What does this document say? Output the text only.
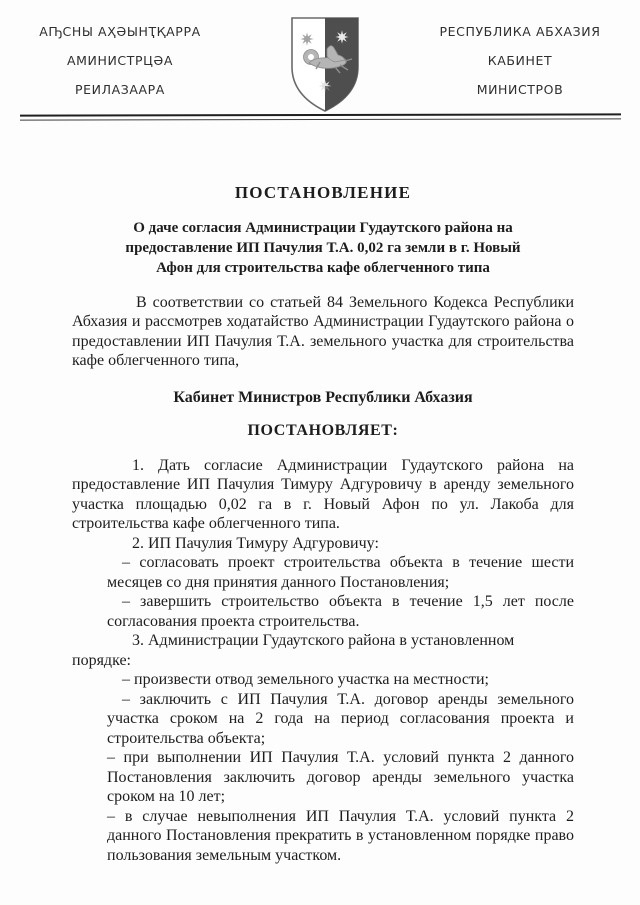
АҦСНЫ АҲӘЫНҬҚАРРА
АМИНИСТРЦӘА
РЕИЛАЗААРА
РЕСПУБЛИКА АБХАЗИЯ
КАБИНЕТ
МИНИСТРОВ
ПОСТАНОВЛЕНИЕ
О даче согласия Администрации Гудаутского района на предоставление ИП Пачулия Т.А. 0,02 га земли в г. Новый Афон для строительства кафе облегченного типа
В соответствии со статьей 84 Земельного Кодекса Республики Абхазия и рассмотрев ходатайство Администрации Гудаутского района о предоставлении ИП Пачулия Т.А. земельного участка для строительства кафе облегченного типа,
Кабинет Министров Республики Абхазия
ПОСТАНОВЛЯЕТ:

1. Дать согласие Администрации Гудаутского района на предоставление ИП Пачулия Тимуру Адгуровичу в аренду земельного участка площадью 0,02 га в г. Новый Афон по ул. Лакоба для строительства кафе облегченного типа.

2. ИП Пачулия Тимуру Адгуровичу:

– согласовать проект строительства объекта в течение шести месяцев со дня принятия данного Постановления;

– завершить строительство объекта в течение 1,5 лет после согласования проекта строительства.

3. Администрации Гудаутского района в установленном порядке:

– произвести отвод земельного участка на местности;

– заключить с ИП Пачулия Т.А. договор аренды земельного участка сроком на 2 года на период согласования проекта и строительства объекта;

– при выполнении ИП Пачулия Т.А. условий пункта 2 данного Постановления заключить договор аренды земельного участка сроком на 10 лет;

– в случае невыполнения ИП Пачулия Т.А. условий пункта 2 данного Постановления прекратить в установленном порядке право пользования земельным участком.
